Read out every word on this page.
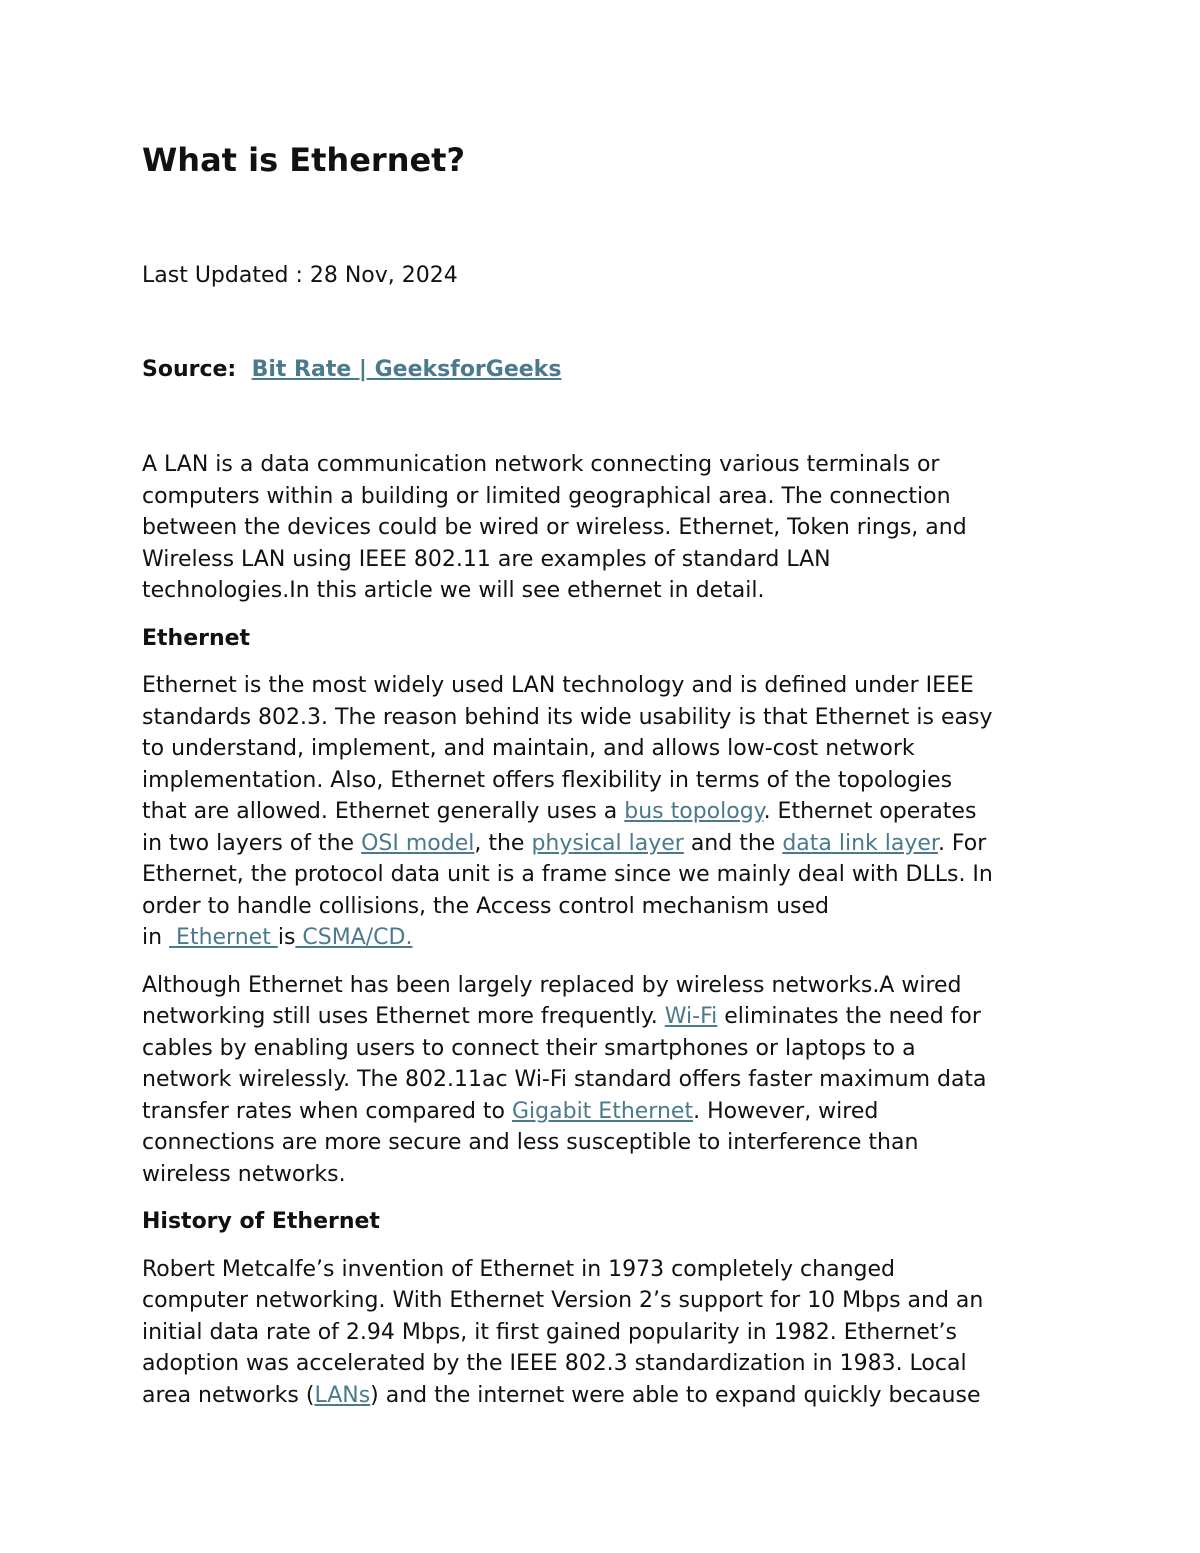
What is Ethernet?

Last Updated : 28 Nov, 2024

Source: Bit Rate | GeeksforGeeks

A LAN is a data communication network connecting various terminals or
computers within a building or limited geographical area. The connection
between the devices could be wired or wireless. Ethernet, Token rings, and
Wireless LAN using IEEE 802.11 are examples of standard LAN
technologies.In this article we will see ethernet in detail.

Ethernet

Ethernet is the most widely used LAN technology and is defined under IEEE
standards 802.3. The reason behind its wide usability is that Ethernet is easy
to understand, implement, and maintain, and allows low-cost network
implementation. Also, Ethernet offers flexibility in terms of the topologies
that are allowed. Ethernet generally uses a bus topology. Ethernet operates
in two layers of the OSI model, the physical layer and the data link layer. For
Ethernet, the protocol data unit is a frame since we mainly deal with DLLs. In
order to handle collisions, the Access control mechanism used
in  Ethernet is CSMA/CD.

Although Ethernet has been largely replaced by wireless networks.A wired
networking still uses Ethernet more frequently. Wi-Fi eliminates the need for
cables by enabling users to connect their smartphones or laptops to a
network wirelessly. The 802.11ac Wi-Fi standard offers faster maximum data
transfer rates when compared to Gigabit Ethernet. However, wired
connections are more secure and less susceptible to interference than
wireless networks.

History of Ethernet

Robert Metcalfe’s invention of Ethernet in 1973 completely changed
computer networking. With Ethernet Version 2’s support for 10 Mbps and an
initial data rate of 2.94 Mbps, it first gained popularity in 1982. Ethernet’s
adoption was accelerated by the IEEE 802.3 standardization in 1983. Local
area networks (LANs) and the internet were able to expand quickly because
